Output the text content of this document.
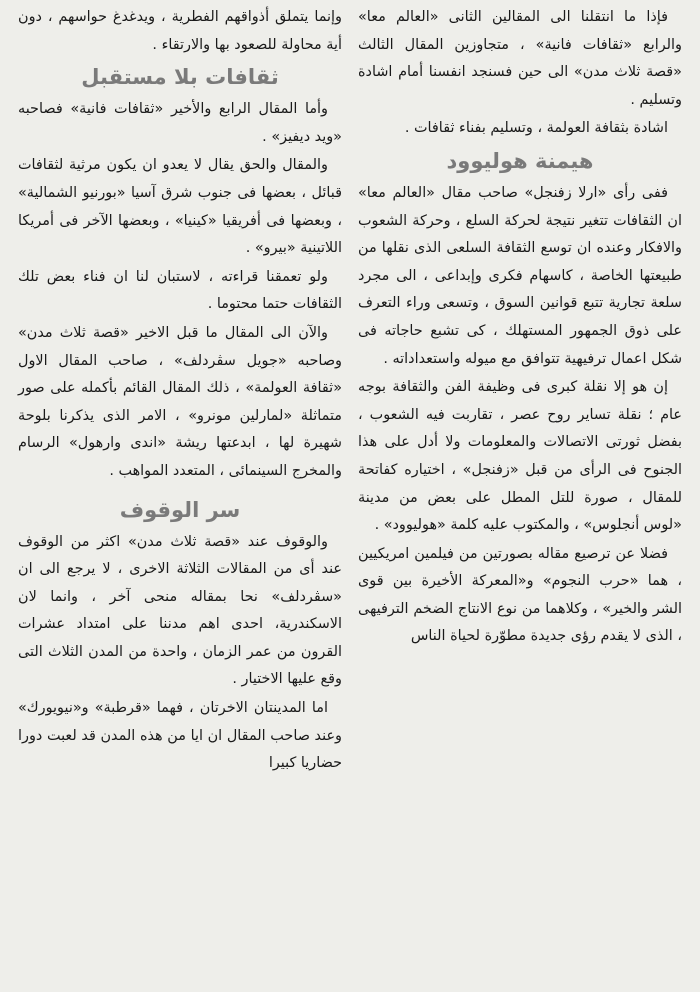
فإذا ما انتقلنا الى المقالين الثانى «العالم معا» والرابع «ثقافات فانية» ، متجاوزين المقال الثالث «قصة ثلاث مدن» الى حين فسنجد انفسنا أمام اشادة وتسليم .

اشادة بثقافة العولمة ، وتسليم بفناء ثقافات .

هيمنة هوليوود

ففى رأى «ارلا زفنجل» صاحب مقال «العالم معا» ان الثقافات تتغير نتيجة لحركة السلع ، وحركة الشعوب والافكار وعنده ان توسع الثقافة السلعى الذى نقلها من طبيعتها الخاصة ، كاسهام فكرى وإبداعى ، الى مجرد سلعة تجارية تتبع قوانين السوق ، وتسعى وراء التعرف على ذوق الجمهور المستهلك ، كى تشبع حاجاته فى شكل اعمال ترفيهية تتوافق مع ميوله واستعداداته .

إن هو إلا نقلة كبرى فى وظيفة الفن والثقافة بوجه عام ؛ نقلة تساير روح عصر ، تقاربت فيه الشعوب ، بفضل ثورتى الاتصالات والمعلومات ولا أدل على هذا الجنوح فى الرأى من قبل «زفنجل» ، اختياره كفاتحة للمقال ، صورة للتل المطل على بعض من مدينة «لوس أنجلوس» ، والمكتوب عليه كلمة «هوليوود» .

فضلا عن ترصيع مقاله بصورتين من فيلمين امريكيين ، هما «حرب النجوم» و«المعركة الأخيرة بين قوى الشر والخير» ، وكلاهما من نوع الانتاج الضخم الترفيهى ، الذى لا يقدم رؤى جديدة مطوّرة لحياة الناس

وإنما يتملق أذواقهم الفطرية ، ويدغدغ حواسهم ، دون أية محاولة للصعود بها والارتقاء .

ثقافات بلا مستقبل

وأما المقال الرابع والأخير «ثقافات فانية» فصاحبه «ويد ديفيز» .

والمقال والحق يقال لا يعدو ان يكون مرثية لثقافات قبائل ، بعضها فى جنوب شرق آسيا «بورنيو الشمالية» ، وبعضها فى أفريقيا «كينيا» ، وبعضها الآخر فى أمريكا اللاتينية «بيرو» .

ولو تعمقنا قراءته ، لاستبان لنا ان فناء بعض تلك الثقافات حتما محتوما .

والآن الى المقال ما قبل الاخير «قصة ثلاث مدن» وصاحبه «جويل سڤردلف» ، صاحب المقال الاول «ثقافة العولمة» ، ذلك المقال القائم بأكمله على صور متماثلة «لمارلين مونرو» ، الامر الذى يذكرنا بلوحة شهيرة لها ، ابدعتها ريشة «اندى وارهول» الرسام والمخرج السينمائى ، المتعدد المواهب .

سر الوقوف

والوقوف عند «قصة ثلاث مدن» اكثر من الوقوف عند أى من المقالات الثلاثة الاخرى ، لا يرجع الى ان «سڤردلف» نحا بمقاله منحى آخر ، وانما لان الاسكندرية، احدى اهم مدننا على امتداد عشرات القرون من عمر الزمان ، واحدة من المدن الثلاث التى وقع عليها الاختيار .

اما المدينتان الاخرتان ، فهما «قرطبة» و«نيويورك» وعند صاحب المقال ان ايا من هذه المدن قد لعبت دورا حضاريا كبيرا
